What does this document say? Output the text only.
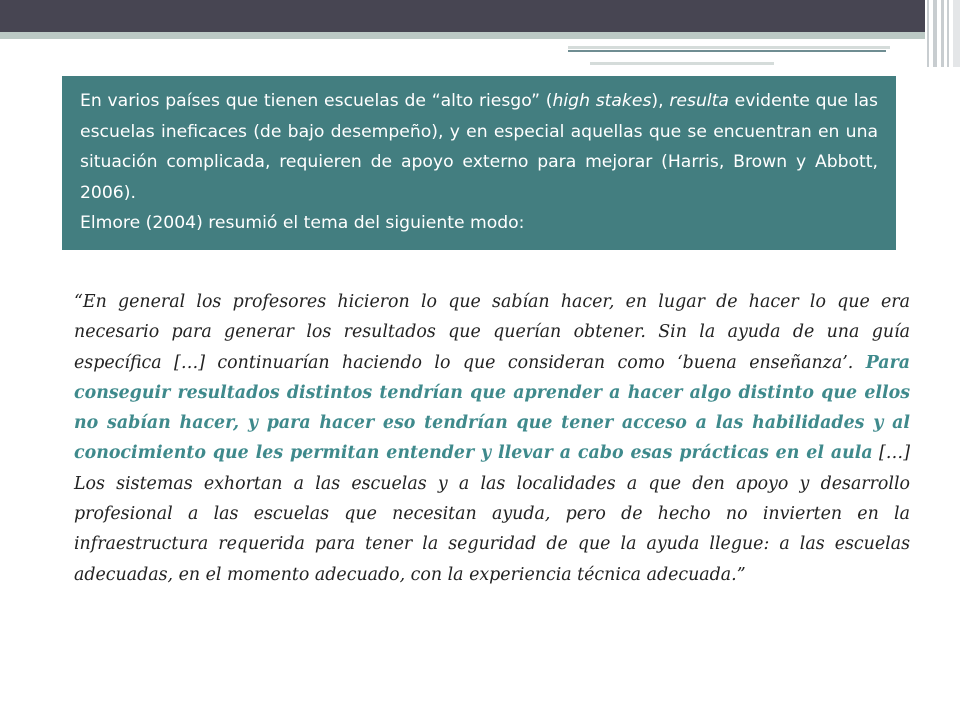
En varios países que tienen escuelas de “alto riesgo” (high stakes), resulta evidente que las escuelas ineficaces (de bajo desempeño), y en especial aquellas que se encuentran en una situación complicada, requieren de apoyo externo para mejorar (Harris, Brown y Abbott, 2006).

Elmore (2004) resumió el tema del siguiente modo:

“En general los profesores hicieron lo que sabían hacer, en lugar de hacer lo que era necesario para generar los resultados que querían obtener. Sin la ayuda de una guía específica […] continuarían haciendo lo que consideran como ‘buena enseñanza’. Para conseguir resultados distintos tendrían que aprender a hacer algo distinto que ellos no sabían hacer, y para hacer eso tendrían que tener acceso a las habilidades y al conocimiento que les permitan entender y llevar a cabo esas prácticas en el aula […] Los sistemas exhortan a las escuelas y a las localidades a que den apoyo y desarrollo profesional a las escuelas que necesitan ayuda, pero de hecho no invierten en la infraestructura requerida para tener la seguridad de que la ayuda llegue: a las escuelas adecuadas, en el momento adecuado, con la experiencia técnica adecuada.”
